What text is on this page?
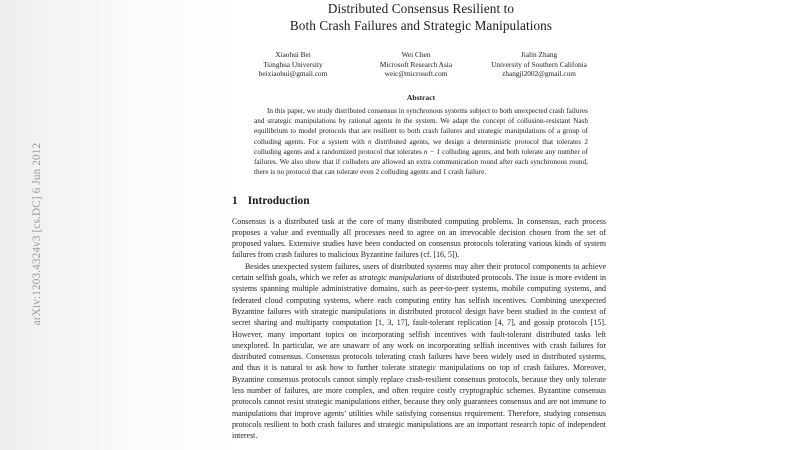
arXiv:1203.4324v3 [cs.DC] 6 Jun 2012
Distributed Consensus Resilient to
Both Crash Failures and Strategic Manipulations
Xiaohui Bei
Tsinghua University
beixiaohui@gmail.com
Wei Chen
Microsoft Research Asia
weic@microsoft.com
Jialin Zhang
University of Southern Califonia
zhangjl2002@gmail.com
Abstract
In this paper, we study distributed consensus in synchronous systems subject to both unexpected crash failures and strategic manipulations by rational agents in the system. We adapt the concept of collusion-resistant Nash equilibrium to model protocols that are resilient to both crash failures and strategic manipulations of a group of colluding agents. For a system with n distributed agents, we design a deterministic protocol that tolerates 2 colluding agents and a randomized protocol that tolerates n − 1 colluding agents, and both tolerate any number of failures. We also show that if colluders are allowed an extra communication round after each synchronous round, there is no protocol that can tolerate even 2 colluding agents and 1 crash failure.
1 Introduction

Consensus is a distributed task at the core of many distributed computing problems. In consensus, each process proposes a value and eventually all processes need to agree on an irrevocable decision chosen from the set of proposed values. Extensive studies have been conducted on consensus protocols tolerating various kinds of system failures from crash failures to malicious Byzantine failures (cf. [16, 5]).

Besides unexpected system failures, users of distributed systems may alter their protocol components to achieve certain selfish goals, which we refer as strategic manipulations of distributed protocols. The issue is more evident in systems spanning multiple administrative domains, such as peer-to-peer systems, mobile computing systems, and federated cloud computing systems, where each computing entity has selfish incentives. Combining unexpected Byzantine failures with strategic manipulations in distributed protocol design have been studied in the context of secret sharing and multiparty computation [1, 3, 17], fault-tolerant replication [4, 7], and gossip protocols [15]. However, many important topics on incorporating selfish incentives with fault-tolerant distributed tasks left unexplored. In particular, we are unaware of any work on incorporating selfish incentives with crash failures for distributed consensus. Consensus protocols tolerating crash failures have been widely used in distributed systems, and thus it is natural to ask how to further tolerate strategic manipulations on top of crash failures. Moreover, Byzantine consensus protocols cannot simply replace crash-resilient consensus protocols, because they only tolerate less number of failures, are more complex, and often require costly cryptographic schemes. Byzantine consensus protocols cannot resist strategic manipulations either, because they only guarantees consensus and are not immune to manipulations that improve agents’ utilities while satisfying consensus requirement. Therefore, studying consensus protocols resilient to both crash failures and strategic manipulations are an important research topic of independent interest.
